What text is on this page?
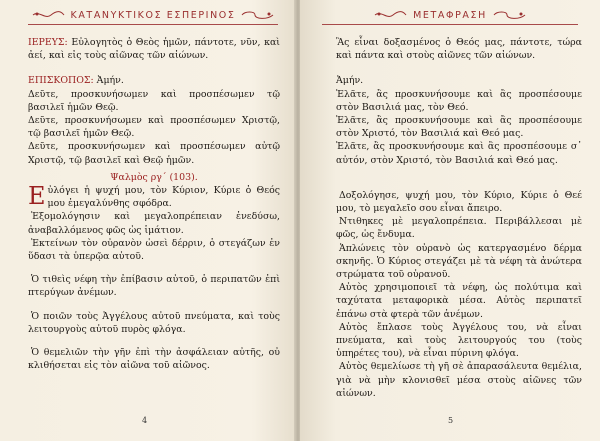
ΚΑΤΑΝΥΚΤΙΚΟΣ ΕΣΠΕΡΙΝΟΣ

ΙΕΡΕΥΣ: Εὐλογητὸς ὁ Θεὸς ἡμῶν, πάντοτε, νῦν, καὶ ἀεί, καὶ εἰς τοὺς αἰῶνας τῶν αἰώνων.

ΕΠΙΣΚΟΠΟΣ: Ἀμήν.

Δεῦτε, προσκυνήσωμεν καὶ προσπέσωμεν τῷ βασιλεῖ ἡμῶν Θεῷ.

Δεῦτε, προσκυνήσωμεν καὶ προσπέσωμεν Χριστῷ, τῷ βασιλεῖ ἡμῶν Θεῷ.

Δεῦτε, προσκυνήσωμεν καὶ προσπέσωμεν αὐτῷ Χριστῷ, τῷ βασιλεῖ καὶ Θεῷ ἡμῶν.

Ψαλμὸς ργ΄ (103).

Εὐλόγει ἡ ψυχή μου, τὸν Κύριον, Κύριε ὁ Θεός μου ἐμεγαλύνθης σφόδρα.

Ἐξομολόγησιν καὶ μεγαλοπρέπειαν ἐνεδύσω, ἀναβαλλόμενος φῶς ὡς ἱμάτιον.

Ἐκτείνων τὸν οὐρανὸν ὡσεὶ δέρριν, ὁ στεγάζων ἐν ὕδασι τὰ ὑπερῷα αὐτοῦ.

Ὁ τιθεὶς νέφη τὴν ἐπίβασιν αὐτοῦ, ὁ περιπατῶν ἐπὶ πτερύγων ἀνέμων.

Ὁ ποιῶν τοὺς Ἀγγέλους αὐτοῦ πνεύματα, καὶ τοὺς λειτουργοὺς αὐτοῦ πυρὸς φλόγα.

Ὁ θεμελιῶν τὴν γῆν ἐπὶ τὴν ἀσφάλειαν αὐτῆς, οὐ κλιθήσεται εἰς τὸν αἰῶνα τοῦ αἰῶνος.

4
ΜΕΤΑΦΡΑΣΗ

Ἂς εἶναι δοξασμένος ὁ Θεός μας, πάντοτε, τώρα καὶ πάντα καὶ στοὺς αἰῶνες τῶν αἰώνων.

Ἀμήν.

Ἐλᾶτε, ἂς προσκυνήσουμε καὶ ἂς προσπέσουμε στὸν Βασιλιά μας, τὸν Θεό.

Ἐλᾶτε, ἂς προσκυνήσουμε καὶ ἂς προσπέσουμε στὸν Χριστό, τὸν Βασιλιά καὶ Θεό μας.

Ἐλᾶτε, ἂς προσκυνήσουμε καὶ ἂς προσπέσουμε σ᾽ αὐτόν, στὸν Χριστό, τὸν Βασιλιά καὶ Θεό μας.

Δοξολόγησε, ψυχή μου, τὸν Κύριο, Κύριε ὁ Θεέ μου, τὸ μεγαλεῖο σου εἶναι ἄπειρο.

Ντιθηκες μὲ μεγαλοπρέπεια. Περιβάλλεσαι μὲ φῶς, ὡς ἔνδυμα.

Ἁπλώνεις τὸν οὐρανὸ ὡς κατεργασμένο δέρμα σκηνῆς. Ὁ Κύριος στεγάζει μὲ τὰ νέφη τὰ ἀνώτερα στρώματα τοῦ οὐρανοῦ.

Αὐτὸς χρησιμοποιεῖ τὰ νέφη, ὡς πολύτιμα καὶ ταχύτατα μεταφορικὰ μέσα. Αὐτὸς περιπατεῖ ἐπάνω στὰ φτερὰ τῶν ἀνέμων.

Αὐτὸς ἔπλασε τοὺς Ἀγγέλους του, νὰ εἶναι πνεύματα, καὶ τοὺς λειτουργούς του (τοὺς ὑπηρέτες του), νὰ εἶναι πύρινη φλόγα.

Αὐτὸς θεμελίωσε τὴ γῆ σὲ ἀπαρασάλευτα θεμέλια, γιὰ νὰ μὴν κλονισθεῖ μέσα στοὺς αἰῶνες τῶν αἰώνων.

5
